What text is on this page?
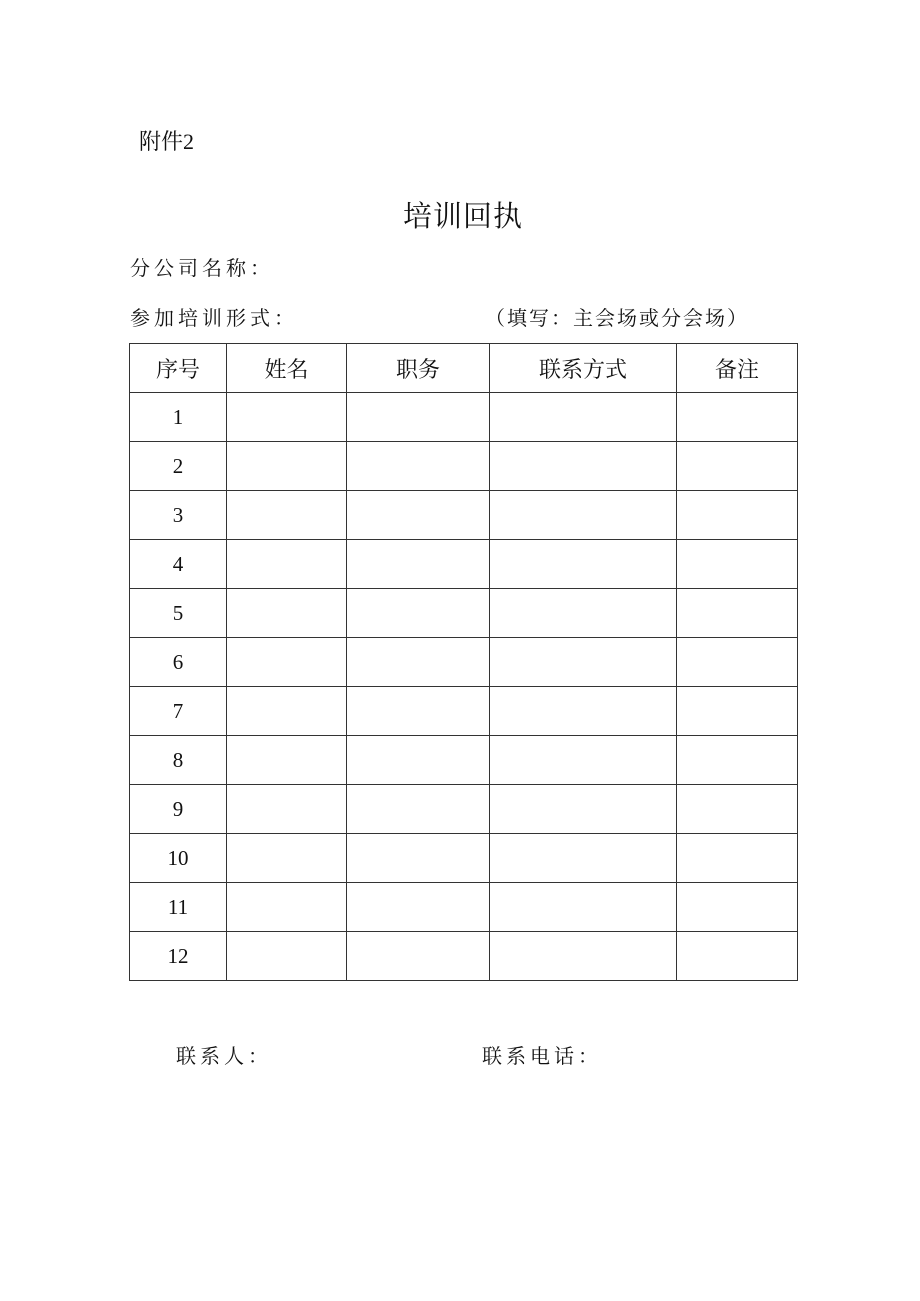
附件2
培训回执
分公司名称：
参加培训形式：	（填写：主会场或分会场）
序号	姓名	职务	联系方式	备注
1				
2				
3				
4				
5				
6				
7				
8				
9				
10				
11				
12				
联系人：	联系电话：
